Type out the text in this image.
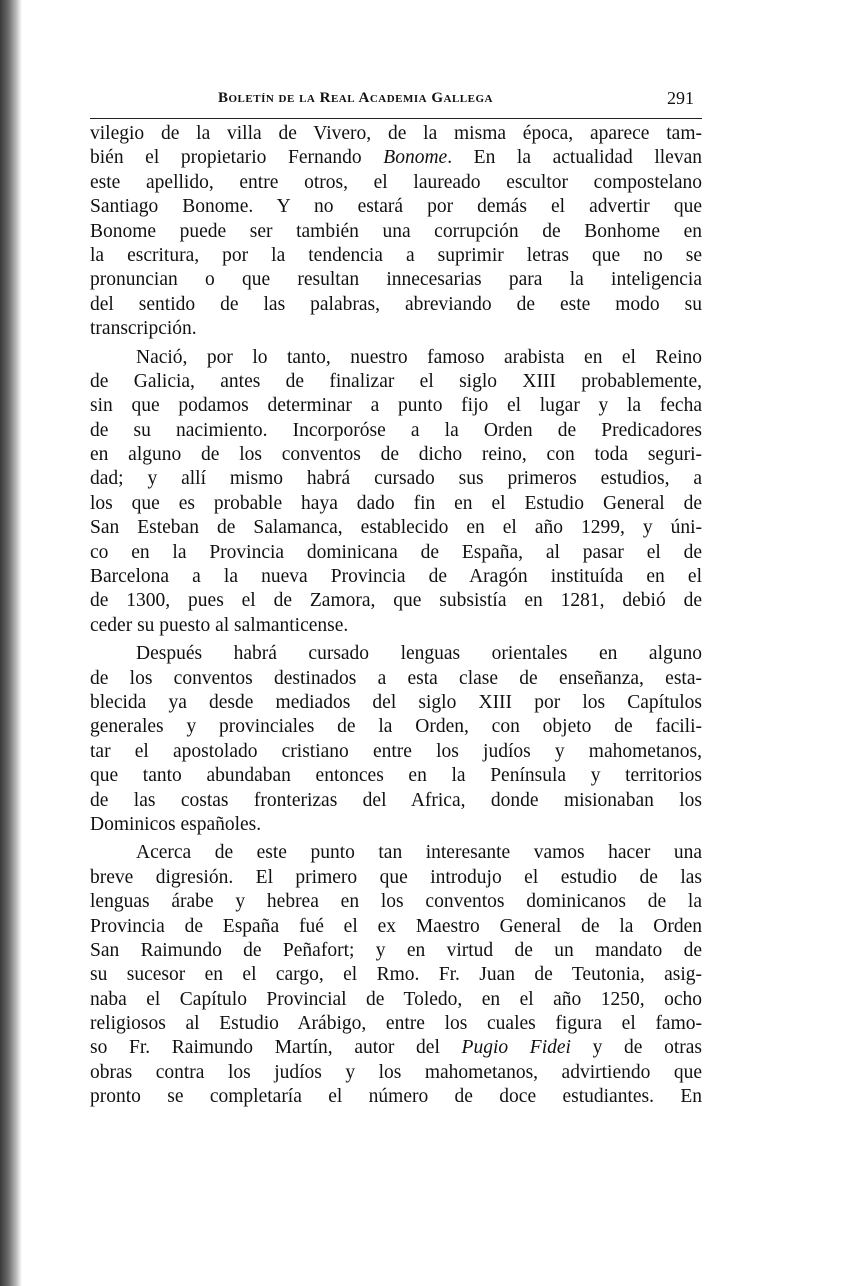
Boletín de la Real Academia Gallega	291
vilegio de la villa de Vivero, de la misma época, aparece tam-
bién el propietario Fernando Bonome. En la actualidad llevan
este apellido, entre otros, el laureado escultor compostelano
Santiago Bonome. Y no estará por demás el advertir que
Bonome puede ser también una corrupción de Bonhome en
la escritura, por la tendencia a suprimir letras que no se
pronuncian o que resultan innecesarias para la inteligencia
del sentido de las palabras, abreviando de este modo su
transcripción.
Nació, por lo tanto, nuestro famoso arabista en el Reino
de Galicia, antes de finalizar el siglo XIII probablemente,
sin que podamos determinar a punto fijo el lugar y la fecha
de su nacimiento. Incorporóse a la Orden de Predicadores
en alguno de los conventos de dicho reino, con toda seguri-
dad; y allí mismo habrá cursado sus primeros estudios, a
los que es probable haya dado fin en el Estudio General de
San Esteban de Salamanca, establecido en el año 1299, y úni-
co en la Provincia dominicana de España, al pasar el de
Barcelona a la nueva Provincia de Aragón instituída en el
de 1300, pues el de Zamora, que subsistía en 1281, debió de
ceder su puesto al salmanticense.
Después habrá cursado lenguas orientales en alguno
de los conventos destinados a esta clase de enseñanza, esta-
blecida ya desde mediados del siglo XIII por los Capítulos
generales y provinciales de la Orden, con objeto de facili-
tar el apostolado cristiano entre los judíos y mahometanos,
que tanto abundaban entonces en la Península y territorios
de las costas fronterizas del Africa, donde misionaban los
Dominicos españoles.
Acerca de este punto tan interesante vamos hacer una
breve digresión. El primero que introdujo el estudio de las
lenguas árabe y hebrea en los conventos dominicanos de la
Provincia de España fué el ex Maestro General de la Orden
San Raimundo de Peñafort; y en virtud de un mandato de
su sucesor en el cargo, el Rmo. Fr. Juan de Teutonia, asig-
naba el Capítulo Provincial de Toledo, en el año 1250, ocho
religiosos al Estudio Arábigo, entre los cuales figura el famo-
so Fr. Raimundo Martín, autor del Pugio Fidei y de otras
obras contra los judíos y los mahometanos, advirtiendo que
pronto se completaría el número de doce estudiantes. En
